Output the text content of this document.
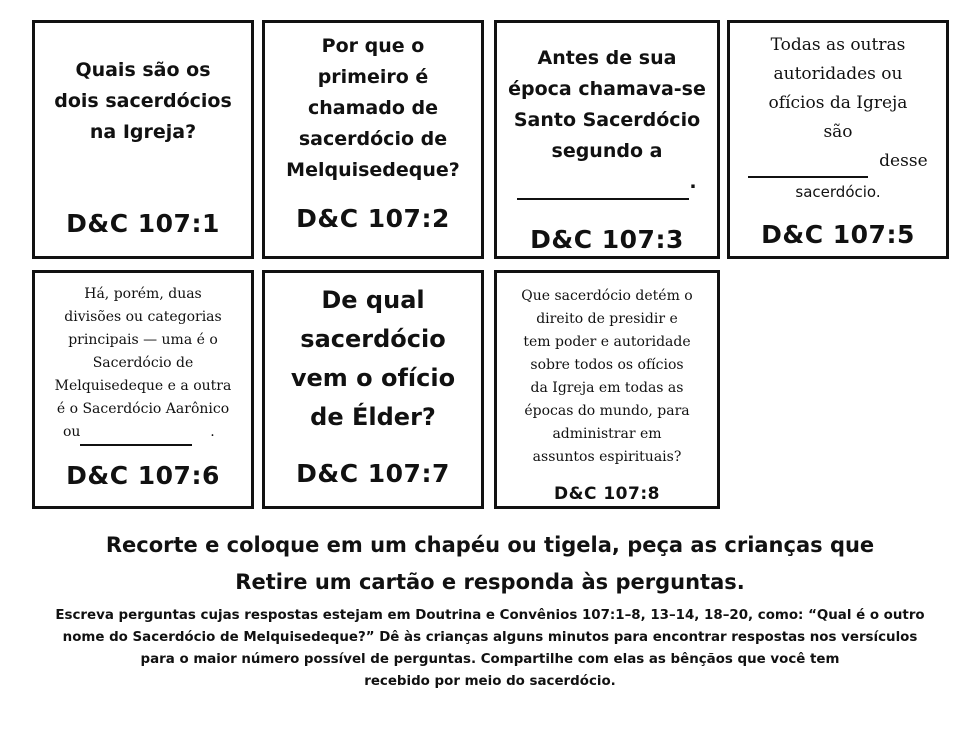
Quais são os
dois sacerdócios
na Igreja?
D&C 107:1
Por que o
primeiro é
chamado de
sacerdócio de
Melquisedeque?
D&C 107:2
Antes de sua
época chamava-se
Santo Sacerdócio
segundo a
.
D&C 107:3
Todas as outras
autoridades ou
ofícios da Igreja
são
desse
sacerdócio.
D&C 107:5
Há, porém, duas
divisões ou categorias
principais — uma é o
Sacerdócio de
Melquisedeque e a outra
é o Sacerdócio Aarônico
ou	.
D&C 107:6
De qual
sacerdócio
vem o ofício
de Élder?
D&C 107:7
Que sacerdócio detém o
direito de presidir e
tem poder e autoridade
sobre todos os ofícios
da Igreja em todas as
épocas do mundo, para
administrar em
assuntos espirituais?
D&C 107:8
Recorte e coloque em um chapéu ou tigela, peça as crianças que
Retire um cartão e responda às perguntas.
Escreva perguntas cujas respostas estejam em Doutrina e Convênios 107:1–8, 13–14, 18–20, como: “Qual é o outro
nome do Sacerdócio de Melquisedeque?” Dê às crianças alguns minutos para encontrar respostas nos versículos
para o maior número possível de perguntas. Compartilhe com elas as bênçãos que você tem
recebido por meio do sacerdócio.
